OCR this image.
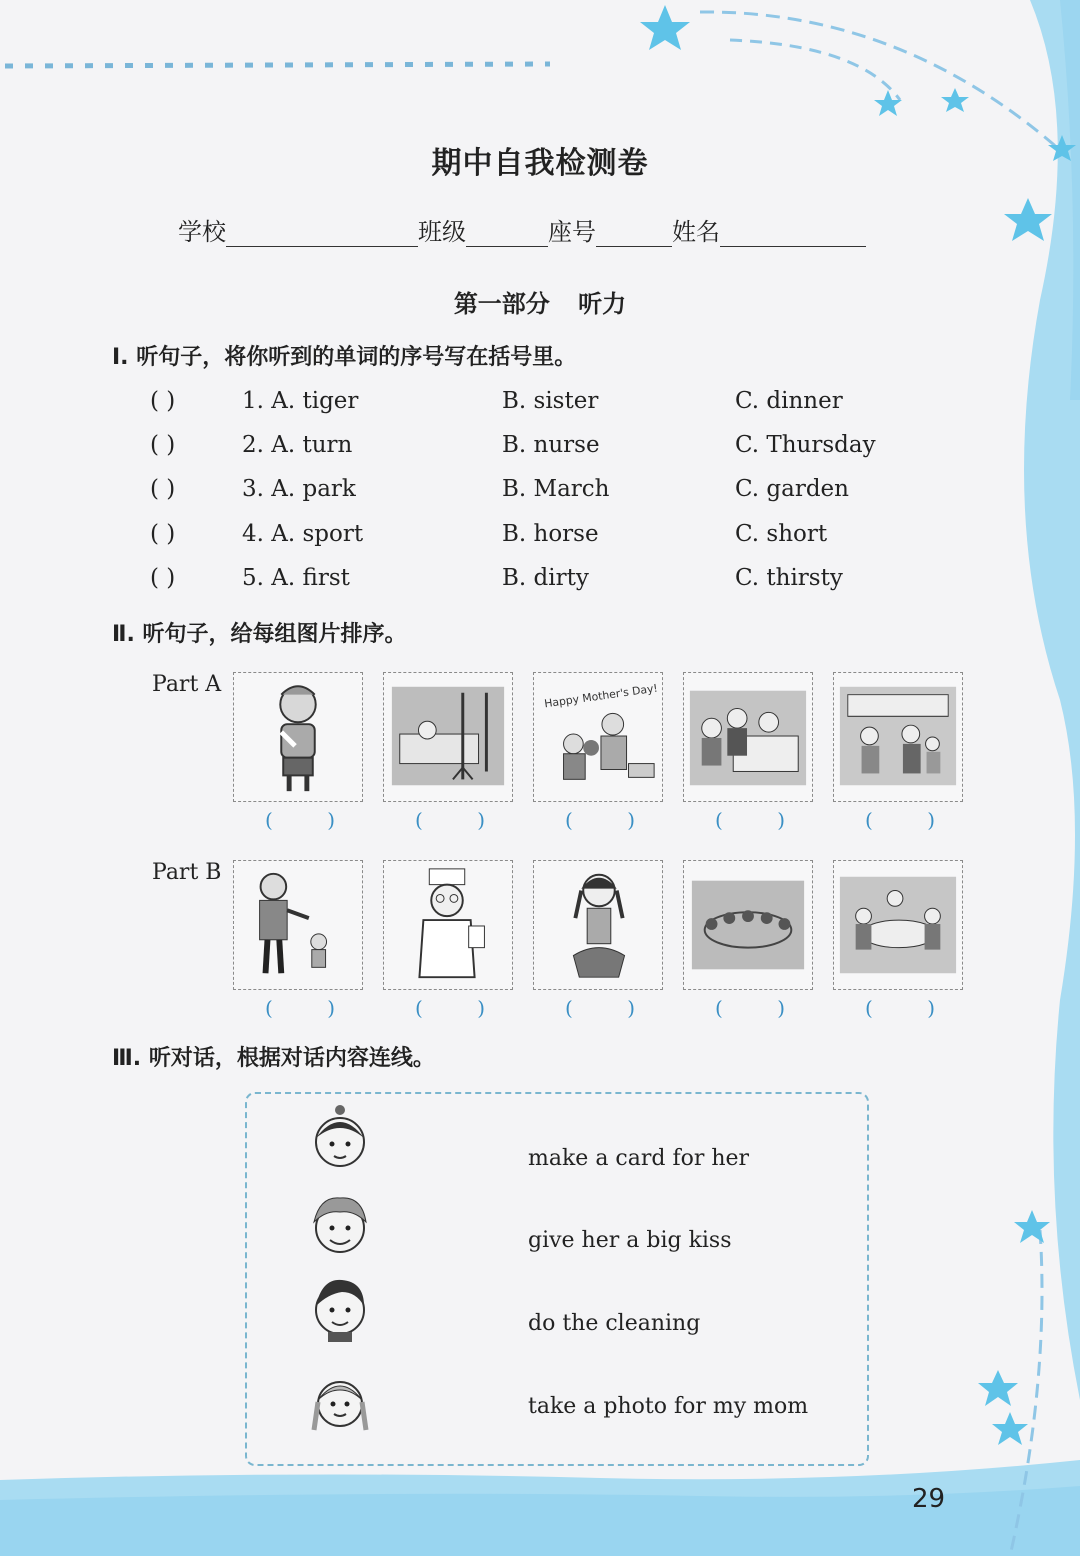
期中自我检测卷
学校	班级	座号	姓名
第一部分 听力
Ⅰ. 听句子，将你听到的单词的序号写在括号里。
( )	1. A. tiger	B. sister	C. dinner
( )	2. A. turn	B. nurse	C. Thursday
( )	3. A. park	B. March	C. garden
( )	4. A. sport	B. horse	C. short
( )	5. A. first	B. dirty	C. thirsty
Ⅱ. 听句子，给每组图片排序。
Part A
Part B
Happy Mother's Day!
(	)	(	)	(	)	(	)	(	)
(	)	(	)	(	)	(	)	(	)
Ⅲ. 听对话，根据对话内容连线。
make a card for her
give her a big kiss
do the cleaning
take a photo for my mom
29
